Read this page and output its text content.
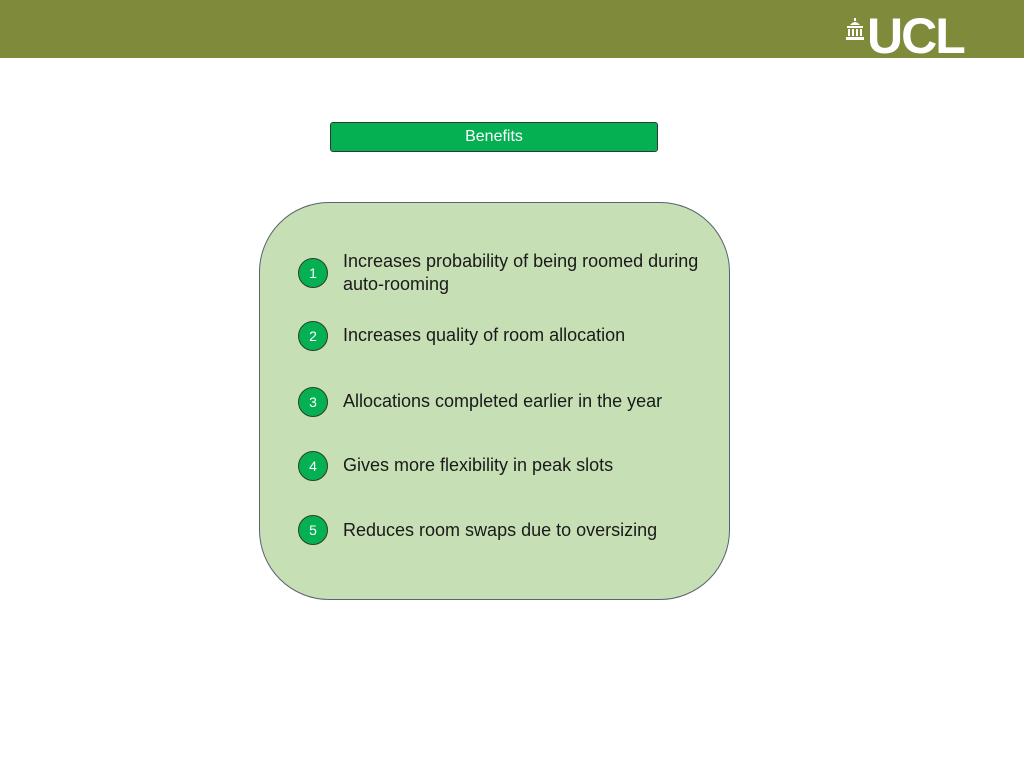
UCL
Benefits
1
Increases probability of being roomed during auto-rooming
2	Increases quality of room allocation
3	Allocations completed earlier in the year
4	Gives more flexibility in peak slots
5	Reduces room swaps due to oversizing
